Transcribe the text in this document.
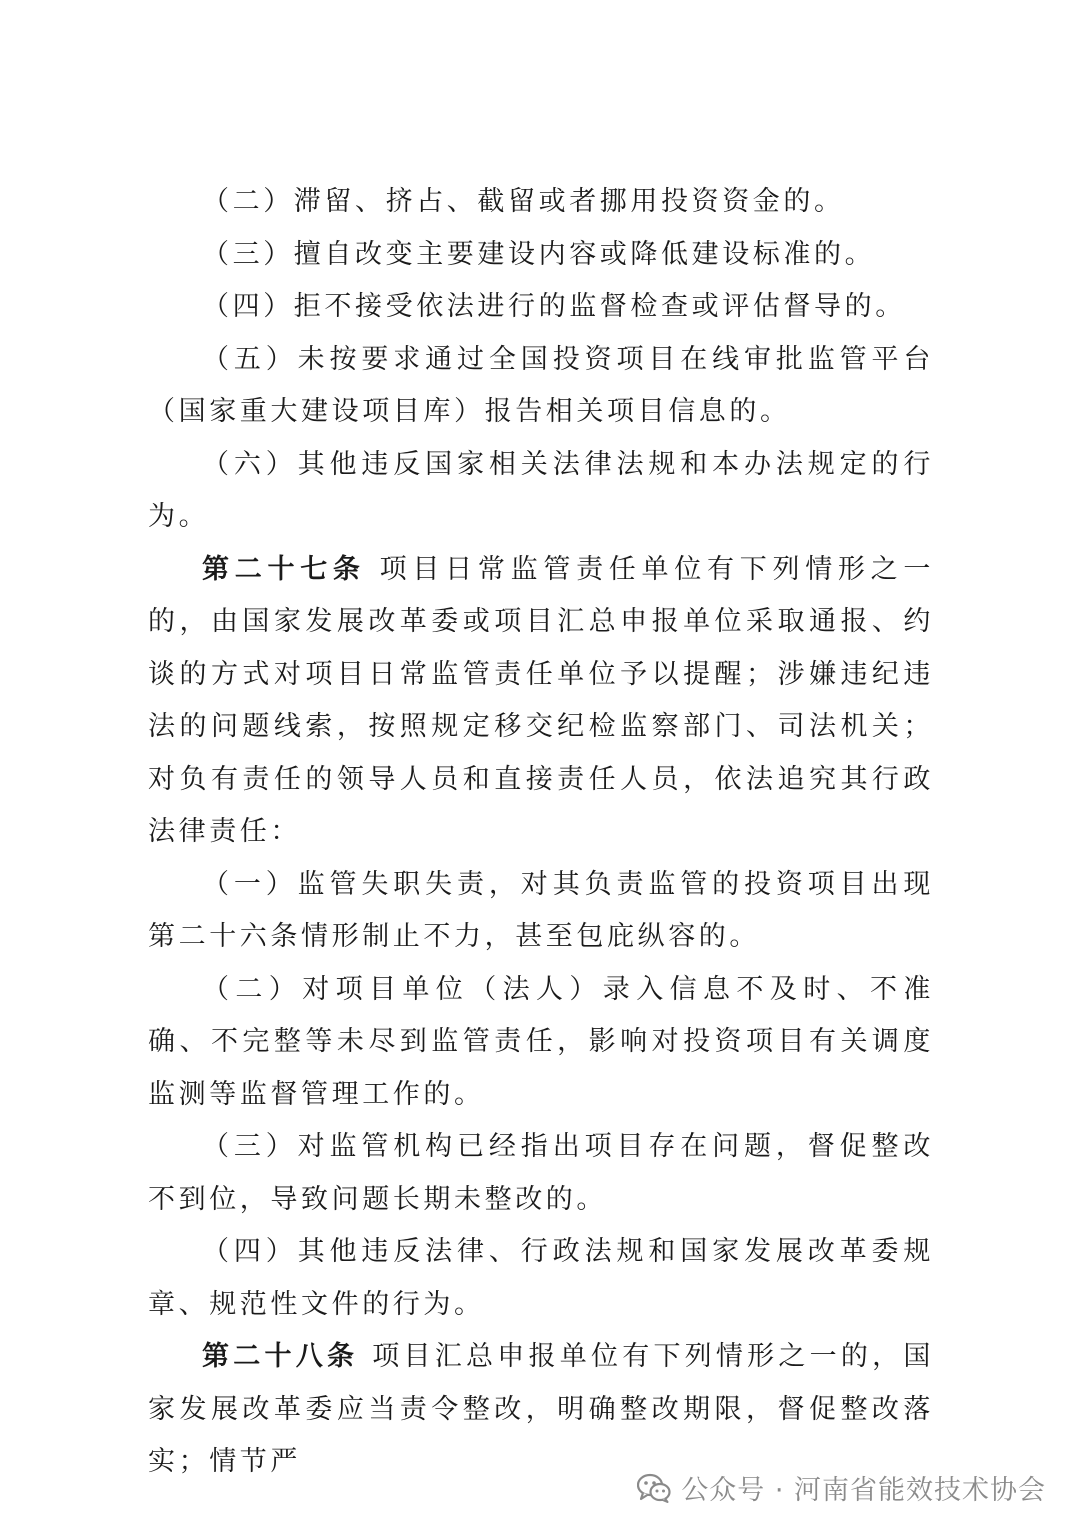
（二）滞留、挤占、截留或者挪用投资资金的。

（三）擅自改变主要建设内容或降低建设标准的。

（四）拒不接受依法进行的监督检查或评估督导的。

（五）未按要求通过全国投资项目在线审批监管平台（国家重大建设项目库）报告相关项目信息的。

（六）其他违反国家相关法律法规和本办法规定的行为。

第二十七条 项目日常监管责任单位有下列情形之一的，由国家发展改革委或项目汇总申报单位采取通报、约谈的方式对项目日常监管责任单位予以提醒；涉嫌违纪违法的问题线索，按照规定移交纪检监察部门、司法机关；对负有责任的领导人员和直接责任人员，依法追究其行政法律责任：

（一）监管失职失责，对其负责监管的投资项目出现第二十六条情形制止不力，甚至包庇纵容的。

（二）对项目单位（法人）录入信息不及时、不准确、不完整等未尽到监管责任，影响对投资项目有关调度监测等监督管理工作的。

（三）对监管机构已经指出项目存在问题，督促整改不到位，导致问题长期未整改的。

（四）其他违反法律、行政法规和国家发展改革委规章、规范性文件的行为。

第二十八条 项目汇总申报单位有下列情形之一的，国家发展改革委应当责令整改，明确整改期限，督促整改落实；情节严

公众号 · 河南省能效技术协会
